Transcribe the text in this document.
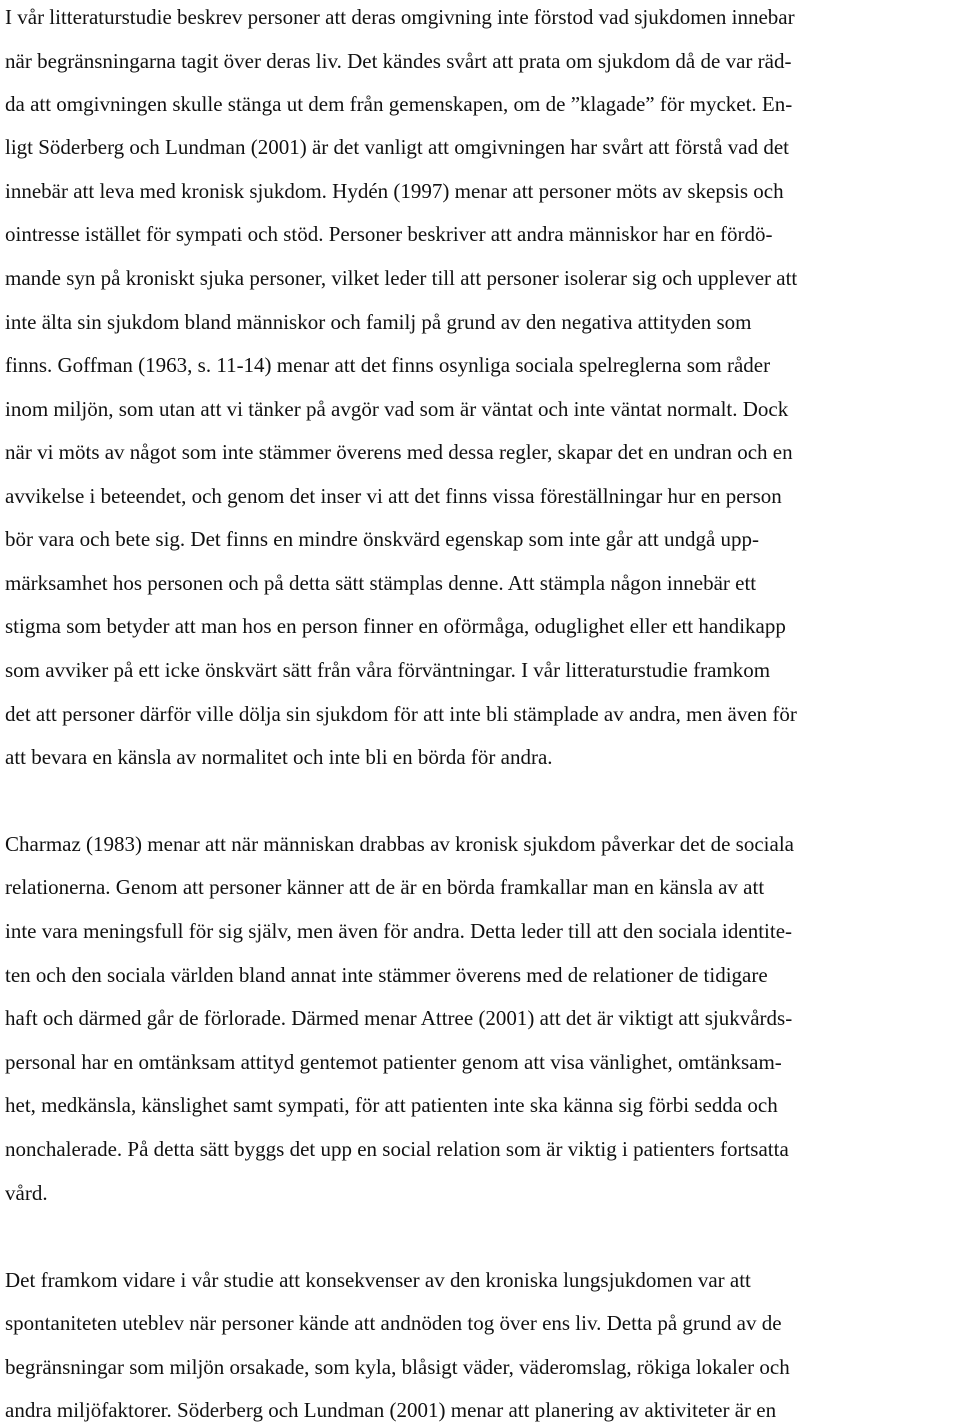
I vår litteraturstudie beskrev personer att deras omgivning inte förstod vad sjukdomen innebar

när begränsningarna tagit över deras liv. Det kändes svårt att prata om sjukdom då de var räd-

da att omgivningen skulle stänga ut dem från gemenskapen, om de ”klagade” för mycket. En-

ligt Söderberg och Lundman (2001) är det vanligt att omgivningen har svårt att förstå vad det

innebär att leva med kronisk sjukdom. Hydén (1997) menar att personer möts av skepsis och

ointresse istället för sympati och stöd. Personer beskriver att andra människor har en fördö-

mande syn på kroniskt sjuka personer, vilket leder till att personer isolerar sig och upplever att

inte älta sin sjukdom bland människor och familj på grund av den negativa attityden som

finns. Goffman (1963, s. 11-14) menar att det finns osynliga sociala spelreglerna som råder

inom miljön, som utan att vi tänker på avgör vad som är väntat och inte väntat normalt. Dock

när vi möts av något som inte stämmer överens med dessa regler, skapar det en undran och en

avvikelse i beteendet, och genom det inser vi att det finns vissa föreställningar hur en person

bör vara och bete sig. Det finns en mindre önskvärd egenskap som inte går att undgå upp-

märksamhet hos personen och på detta sätt stämplas denne. Att stämpla någon innebär ett

stigma som betyder att man hos en person finner en oförmåga, oduglighet eller ett handikapp

som avviker på ett icke önskvärt sätt från våra förväntningar. I vår litteraturstudie framkom

det att personer därför ville dölja sin sjukdom för att inte bli stämplade av andra, men även för

att bevara en känsla av normalitet och inte bli en börda för andra.

Charmaz (1983) menar att när människan drabbas av kronisk sjukdom påverkar det de sociala

relationerna. Genom att personer känner att de är en börda framkallar man en känsla av att

inte vara meningsfull för sig själv, men även för andra. Detta leder till att den sociala identite-

ten och den sociala världen bland annat inte stämmer överens med de relationer de tidigare

haft och därmed går de förlorade. Därmed menar Attree (2001) att det är viktigt att sjukvårds-

personal har en omtänksam attityd gentemot patienter genom att visa vänlighet, omtänksam-

het, medkänsla, känslighet samt sympati, för att patienten inte ska känna sig förbi sedda och

nonchalerade. På detta sätt byggs det upp en social relation som är viktig i patienters fortsatta

vård.

Det framkom vidare i vår studie att konsekvenser av den kroniska lungsjukdomen var att

spontaniteten uteblev när personer kände att andnöden tog över ens liv. Detta på grund av de

begränsningar som miljön orsakade, som kyla, blåsigt väder, väderomslag, rökiga lokaler och

andra miljöfaktorer. Söderberg och Lundman (2001) menar att planering av aktiviteter är en
